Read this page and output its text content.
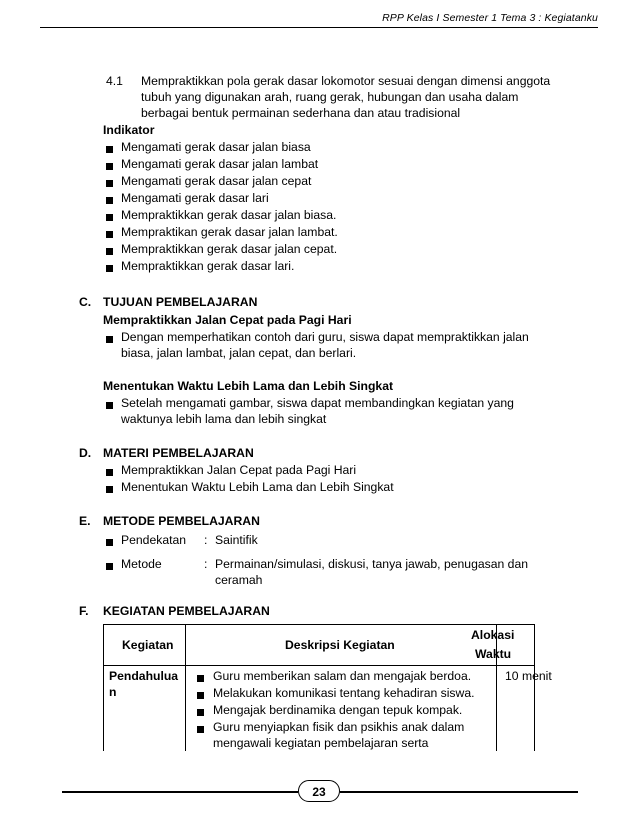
RPP Kelas I Semester 1 Tema 3 : Kegiatanku
4.1 Mempraktikkan pola gerak dasar lokomotor sesuai dengan dimensi anggota
tubuh yang digunakan arah, ruang gerak, hubungan dan usaha dalam
berbagai bentuk permainan sederhana dan atau tradisional
Indikator
Mengamati gerak dasar jalan biasa
Mengamati gerak dasar jalan lambat
Mengamati gerak dasar jalan cepat
Mengamati gerak dasar lari
Mempraktikkan gerak dasar jalan biasa.
Mempraktikan gerak dasar jalan lambat.
Mempraktikkan gerak dasar jalan cepat.
Mempraktikkan gerak dasar lari.
C. TUJUAN PEMBELAJARAN
Mempraktikkan Jalan Cepat pada Pagi Hari
Dengan memperhatikan contoh dari guru, siswa dapat mempraktikkan jalan
biasa, jalan lambat, jalan cepat, dan berlari.
Menentukan Waktu Lebih Lama dan Lebih Singkat
Setelah mengamati gambar, siswa dapat membandingkan kegiatan yang
waktunya lebih lama dan lebih singkat
D. MATERI PEMBELAJARAN
Mempraktikkan Jalan Cepat pada Pagi Hari
Menentukan Waktu Lebih Lama dan Lebih Singkat
E. METODE PEMBELAJARAN
Pendekatan : Saintifik
Metode	: Permainan/simulasi, diskusi, tanya jawab, penugasan dan
ceramah
F. KEGIATAN PEMBELAJARAN
Kegiatan	Deskripsi Kegiatan
Alokasi
Waktu
Pendahulua
n
Guru memberikan salam dan mengajak berdoa.
Melakukan komunikasi tentang kehadiran siswa.
Mengajak berdinamika dengan tepuk kompak.
Guru menyiapkan fisik dan psikhis anak dalam
mengawali kegiatan pembelajaran serta
10 menit
23
